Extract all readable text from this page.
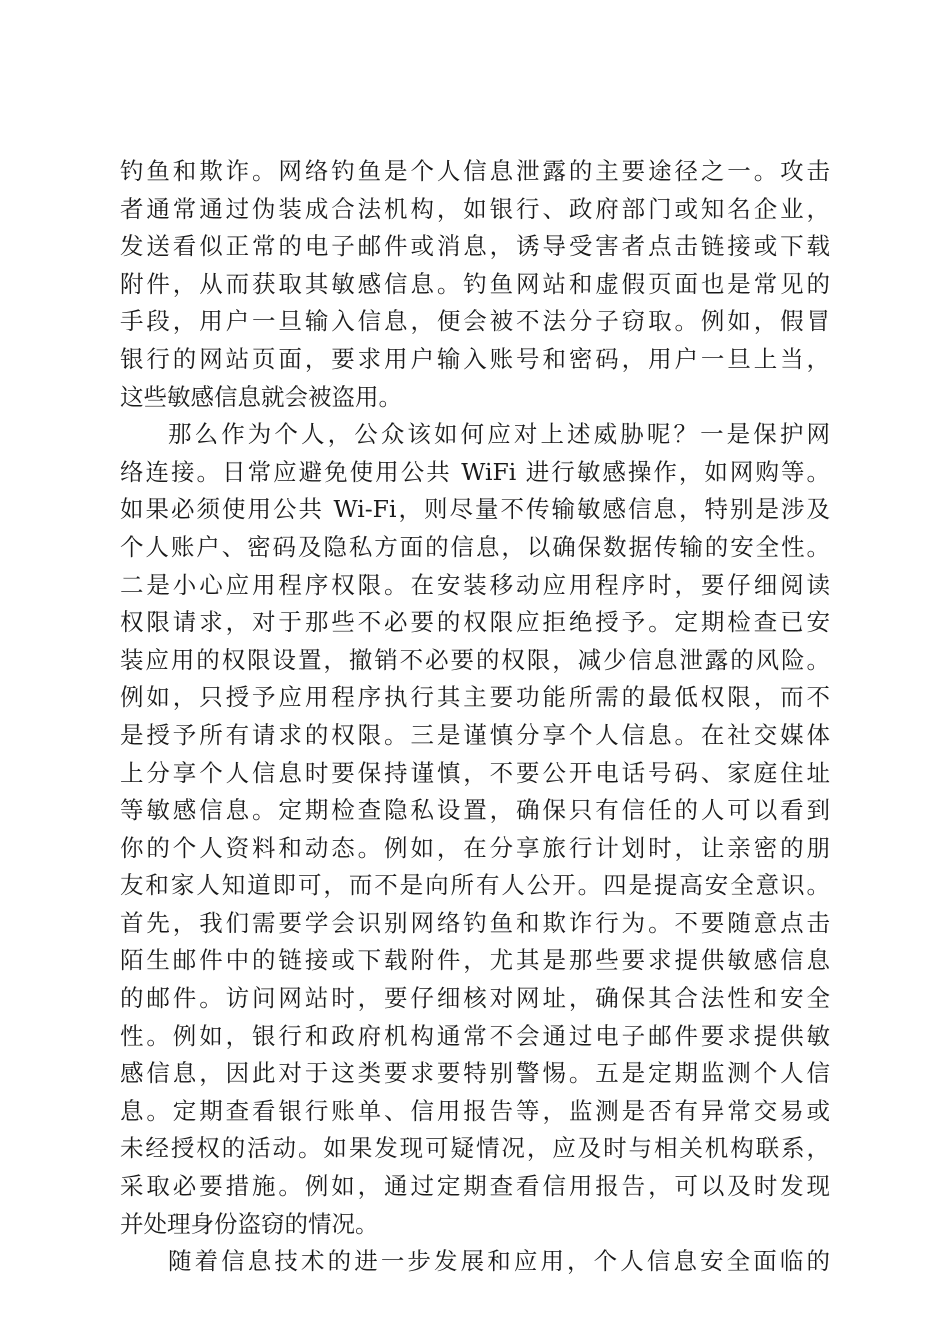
钓鱼和欺诈。网络钓鱼是个人信息泄露的主要途径之一。攻击
者通常通过伪装成合法机构，如银行、政府部门或知名企业，
发送看似正常的电子邮件或消息，诱导受害者点击链接或下载
附件，从而获取其敏感信息。钓鱼网站和虚假页面也是常见的
手段，用户一旦输入信息，便会被不法分子窃取。例如，假冒
银行的网站页面，要求用户输入账号和密码，用户一旦上当，
这些敏感信息就会被盗用。
那么作为个人，公众该如何应对上述威胁呢？一是保护网
络连接。日常应避免使用公共 WiFi 进行敏感操作，如网购等。
如果必须使用公共 Wi-Fi，则尽量不传输敏感信息，特别是涉及
个人账户、密码及隐私方面的信息，以确保数据传输的安全性。
二是小心应用程序权限。在安装移动应用程序时，要仔细阅读
权限请求，对于那些不必要的权限应拒绝授予。定期检查已安
装应用的权限设置，撤销不必要的权限，减少信息泄露的风险。
例如，只授予应用程序执行其主要功能所需的最低权限，而不
是授予所有请求的权限。三是谨慎分享个人信息。在社交媒体
上分享个人信息时要保持谨慎，不要公开电话号码、家庭住址
等敏感信息。定期检查隐私设置，确保只有信任的人可以看到
你的个人资料和动态。例如，在分享旅行计划时，让亲密的朋
友和家人知道即可，而不是向所有人公开。四是提高安全意识。
首先，我们需要学会识别网络钓鱼和欺诈行为。不要随意点击
陌生邮件中的链接或下载附件，尤其是那些要求提供敏感信息
的邮件。访问网站时，要仔细核对网址，确保其合法性和安全
性。例如，银行和政府机构通常不会通过电子邮件要求提供敏
感信息，因此对于这类要求要特别警惕。五是定期监测个人信
息。定期查看银行账单、信用报告等，监测是否有异常交易或
未经授权的活动。如果发现可疑情况，应及时与相关机构联系，
采取必要措施。例如，通过定期查看信用报告，可以及时发现
并处理身份盗窃的情况。
随着信息技术的进一步发展和应用，个人信息安全面临的
